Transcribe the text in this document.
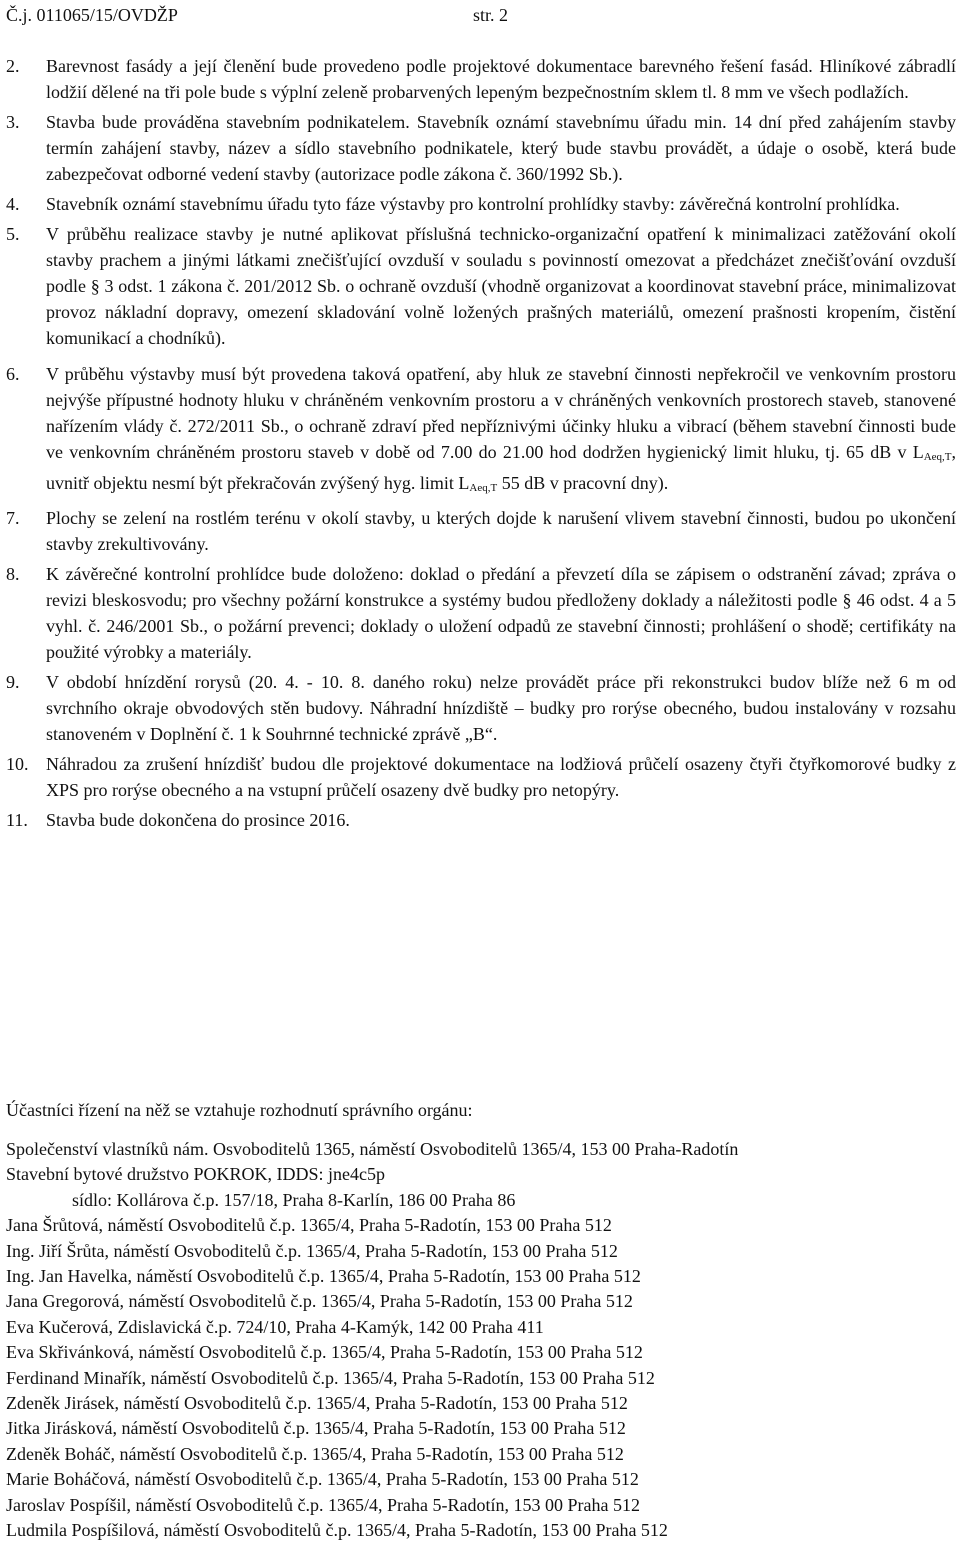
Č.j. 011065/15/OVDŽP	str. 2
2.	Barevnost fasády a její členění bude provedeno podle projektové dokumentace barevného řešení fasád. Hliníkové zábradlí lodžií dělené na tři pole bude s výplní zeleně probarvených lepeným bezpečnostním sklem tl. 8 mm ve všech podlažích.
3.	Stavba bude prováděna stavebním podnikatelem. Stavebník oznámí stavebnímu úřadu min. 14 dní před zahájením stavby termín zahájení stavby, název a sídlo stavebního podnikatele, který bude stavbu provádět, a údaje o osobě, která bude zabezpečovat odborné vedení stavby (autorizace podle zákona č. 360/1992 Sb.).
4.	Stavebník oznámí stavebnímu úřadu tyto fáze výstavby pro kontrolní prohlídky stavby: závěrečná kontrolní prohlídka.
5.	V průběhu realizace stavby je nutné aplikovat příslušná technicko-organizační opatření k minimalizaci zatěžování okolí stavby prachem a jinými látkami znečišťující ovzduší v souladu s povinností omezovat a předcházet znečišťování ovzduší podle § 3 odst. 1 zákona č. 201/2012 Sb. o ochraně ovzduší (vhodně organizovat a koordinovat stavební práce, minimalizovat provoz nákladní dopravy, omezení skladování volně ložených prašných materiálů, omezení prašnosti kropením, čistění komunikací a chodníků).
6.	V průběhu výstavby musí být provedena taková opatření, aby hluk ze stavební činnosti nepřekročil ve venkovním prostoru nejvýše přípustné hodnoty hluku v chráněném venkovním prostoru a v chráněných venkovních prostorech staveb, stanovené nařízením vlády č. 272/2011 Sb., o ochraně zdraví před nepříznivými účinky hluku a vibrací (během stavební činnosti bude ve venkovním chráněném prostoru staveb v době od 7.00 do 21.00 hod dodržen hygienický limit hluku, tj. 65 dB v $L_{Aeq,T}$, uvnitř objektu nesmí být překračován zvýšený hyg. limit $L_{Aeq,T}$ 55 dB v pracovní dny).
7.	Plochy se zelení na rostlém terénu v okolí stavby, u kterých dojde k narušení vlivem stavební činnosti, budou po ukončení stavby zrekultivovány.
8.	K závěrečné kontrolní prohlídce bude doloženo: doklad o předání a převzetí díla se zápisem o odstranění závad; zpráva o revizi bleskosvodu; pro všechny požární konstrukce a systémy budou předloženy doklady a náležitosti podle § 46 odst. 4 a 5 vyhl. č. 246/2001 Sb., o požární prevenci; doklady o uložení odpadů ze stavební činnosti; prohlášení o shodě; certifikáty na použité výrobky a materiály.
9.	V období hnízdění rorysů (20. 4. - 10. 8. daného roku) nelze provádět práce při rekonstrukci budov blíže než 6 m od svrchního okraje obvodových stěn budovy. Náhradní hnízdiště – budky pro rorýse obecného, budou instalovány v rozsahu stanoveném v Doplnění č. 1 k Souhrnné technické zprávě „B“.
10. Náhradou za zrušení hnízdišť budou dle projektové dokumentace na lodžiová průčelí osazeny čtyři čtyřkomorové budky z XPS pro rorýse obecného a na vstupní průčelí osazeny dvě budky pro netopýry.
11.	Stavba bude dokončena do prosince 2016.
Účastníci řízení na něž se vztahuje rozhodnutí správního orgánu:
Společenství vlastníků nám. Osvoboditelů 1365, náměstí Osvoboditelů 1365/4, 153 00 Praha-Radotín
Stavební bytové družstvo POKROK, IDDS: jne4c5p
sídlo: Kollárova č.p. 157/18, Praha 8-Karlín, 186 00 Praha 86
Jana Šrůtová, náměstí Osvoboditelů č.p. 1365/4, Praha 5-Radotín, 153 00 Praha 512
Ing. Jiří Šrůta, náměstí Osvoboditelů č.p. 1365/4, Praha 5-Radotín, 153 00 Praha 512
Ing. Jan Havelka, náměstí Osvoboditelů č.p. 1365/4, Praha 5-Radotín, 153 00 Praha 512
Jana Gregorová, náměstí Osvoboditelů č.p. 1365/4, Praha 5-Radotín, 153 00 Praha 512
Eva Kučerová, Zdislavická č.p. 724/10, Praha 4-Kamýk, 142 00 Praha 411
Eva Skřivánková, náměstí Osvoboditelů č.p. 1365/4, Praha 5-Radotín, 153 00 Praha 512
Ferdinand Minařík, náměstí Osvoboditelů č.p. 1365/4, Praha 5-Radotín, 153 00 Praha 512
Zdeněk Jirásek, náměstí Osvoboditelů č.p. 1365/4, Praha 5-Radotín, 153 00 Praha 512
Jitka Jirásková, náměstí Osvoboditelů č.p. 1365/4, Praha 5-Radotín, 153 00 Praha 512
Zdeněk Boháč, náměstí Osvoboditelů č.p. 1365/4, Praha 5-Radotín, 153 00 Praha 512
Marie Boháčová, náměstí Osvoboditelů č.p. 1365/4, Praha 5-Radotín, 153 00 Praha 512
Jaroslav Pospíšil, náměstí Osvoboditelů č.p. 1365/4, Praha 5-Radotín, 153 00 Praha 512
Ludmila Pospíšilová, náměstí Osvoboditelů č.p. 1365/4, Praha 5-Radotín, 153 00 Praha 512
